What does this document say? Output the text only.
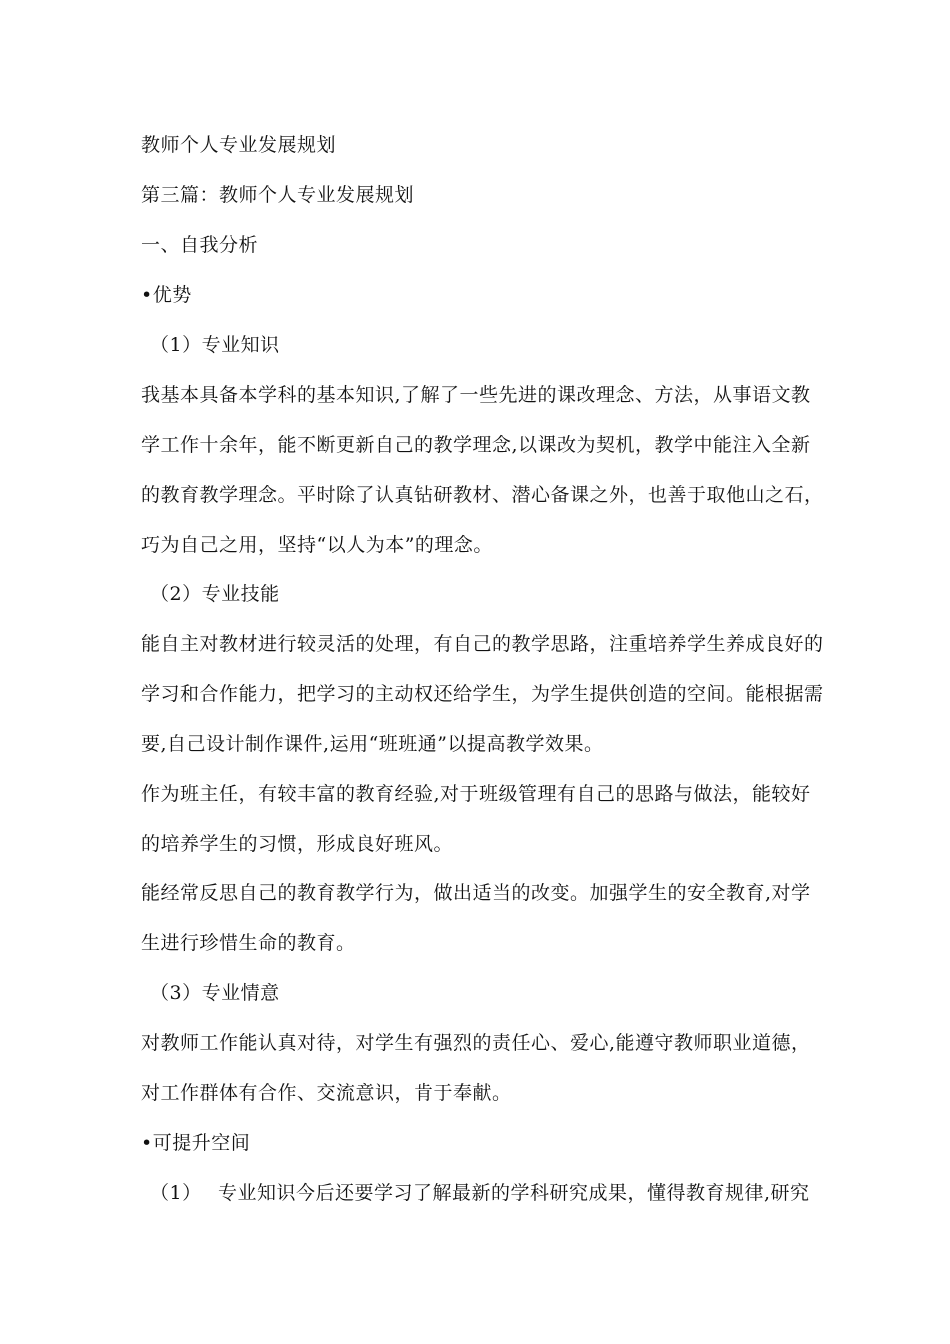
教师个人专业发展规划
第三篇：教师个人专业发展规划
一、自我分析
•优势
（1）专业知识
我基本具备本学科的基本知识,了解了一些先进的课改理念、方法，从事语文教
学工作十余年，能不断更新自己的教学理念,以课改为契机，教学中能注入全新
的教育教学理念。平时除了认真钻研教材、潜心备课之外，也善于取他山之石，
巧为自己之用，坚持“以人为本”的理念。
（2）专业技能
能自主对教材进行较灵活的处理，有自己的教学思路，注重培养学生养成良好的
学习和合作能力，把学习的主动权还给学生，为学生提供创造的空间。能根据需
要,自己设计制作课件,运用“班班通”以提高教学效果。
作为班主任，有较丰富的教育经验,对于班级管理有自己的思路与做法，能较好
的培养学生的习惯，形成良好班风。
能经常反思自己的教育教学行为，做出适当的改变。加强学生的安全教育,对学
生进行珍惜生命的教育。
（3）专业情意
对教师工作能认真对待，对学生有强烈的责任心、爱心,能遵守教师职业道德，
对工作群体有合作、交流意识，肯于奉献。
•可提升空间
（1） 专业知识今后还要学习了解最新的学科研究成果，懂得教育规律,研究
